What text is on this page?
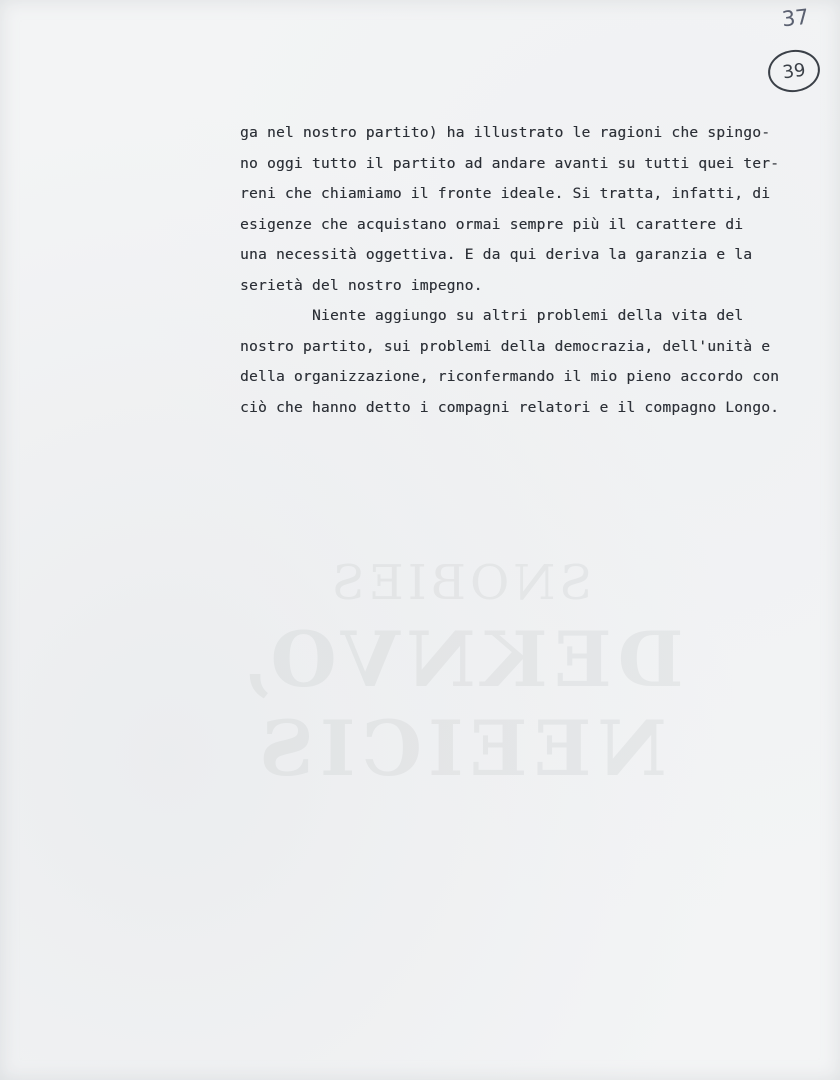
SNOBIES
DEKNVO, NEEICIS
37
39
ga nel nostro partito) ha illustrato le ragioni che spingo-
no oggi tutto il partito ad andare avanti su tutti quei ter-
reni che chiamiamo il fronte ideale. Si tratta, infatti, di
esigenze che acquistano ormai sempre più il carattere di
una necessità oggettiva. E da qui deriva la garanzia e la
serietà del nostro impegno.
Niente aggiungo su altri problemi della vita del
nostro partito, sui problemi della democrazia, dell'unità e
della organizzazione, riconfermando il mio pieno accordo con
ciò che hanno detto i compagni relatori e il compagno Longo.
